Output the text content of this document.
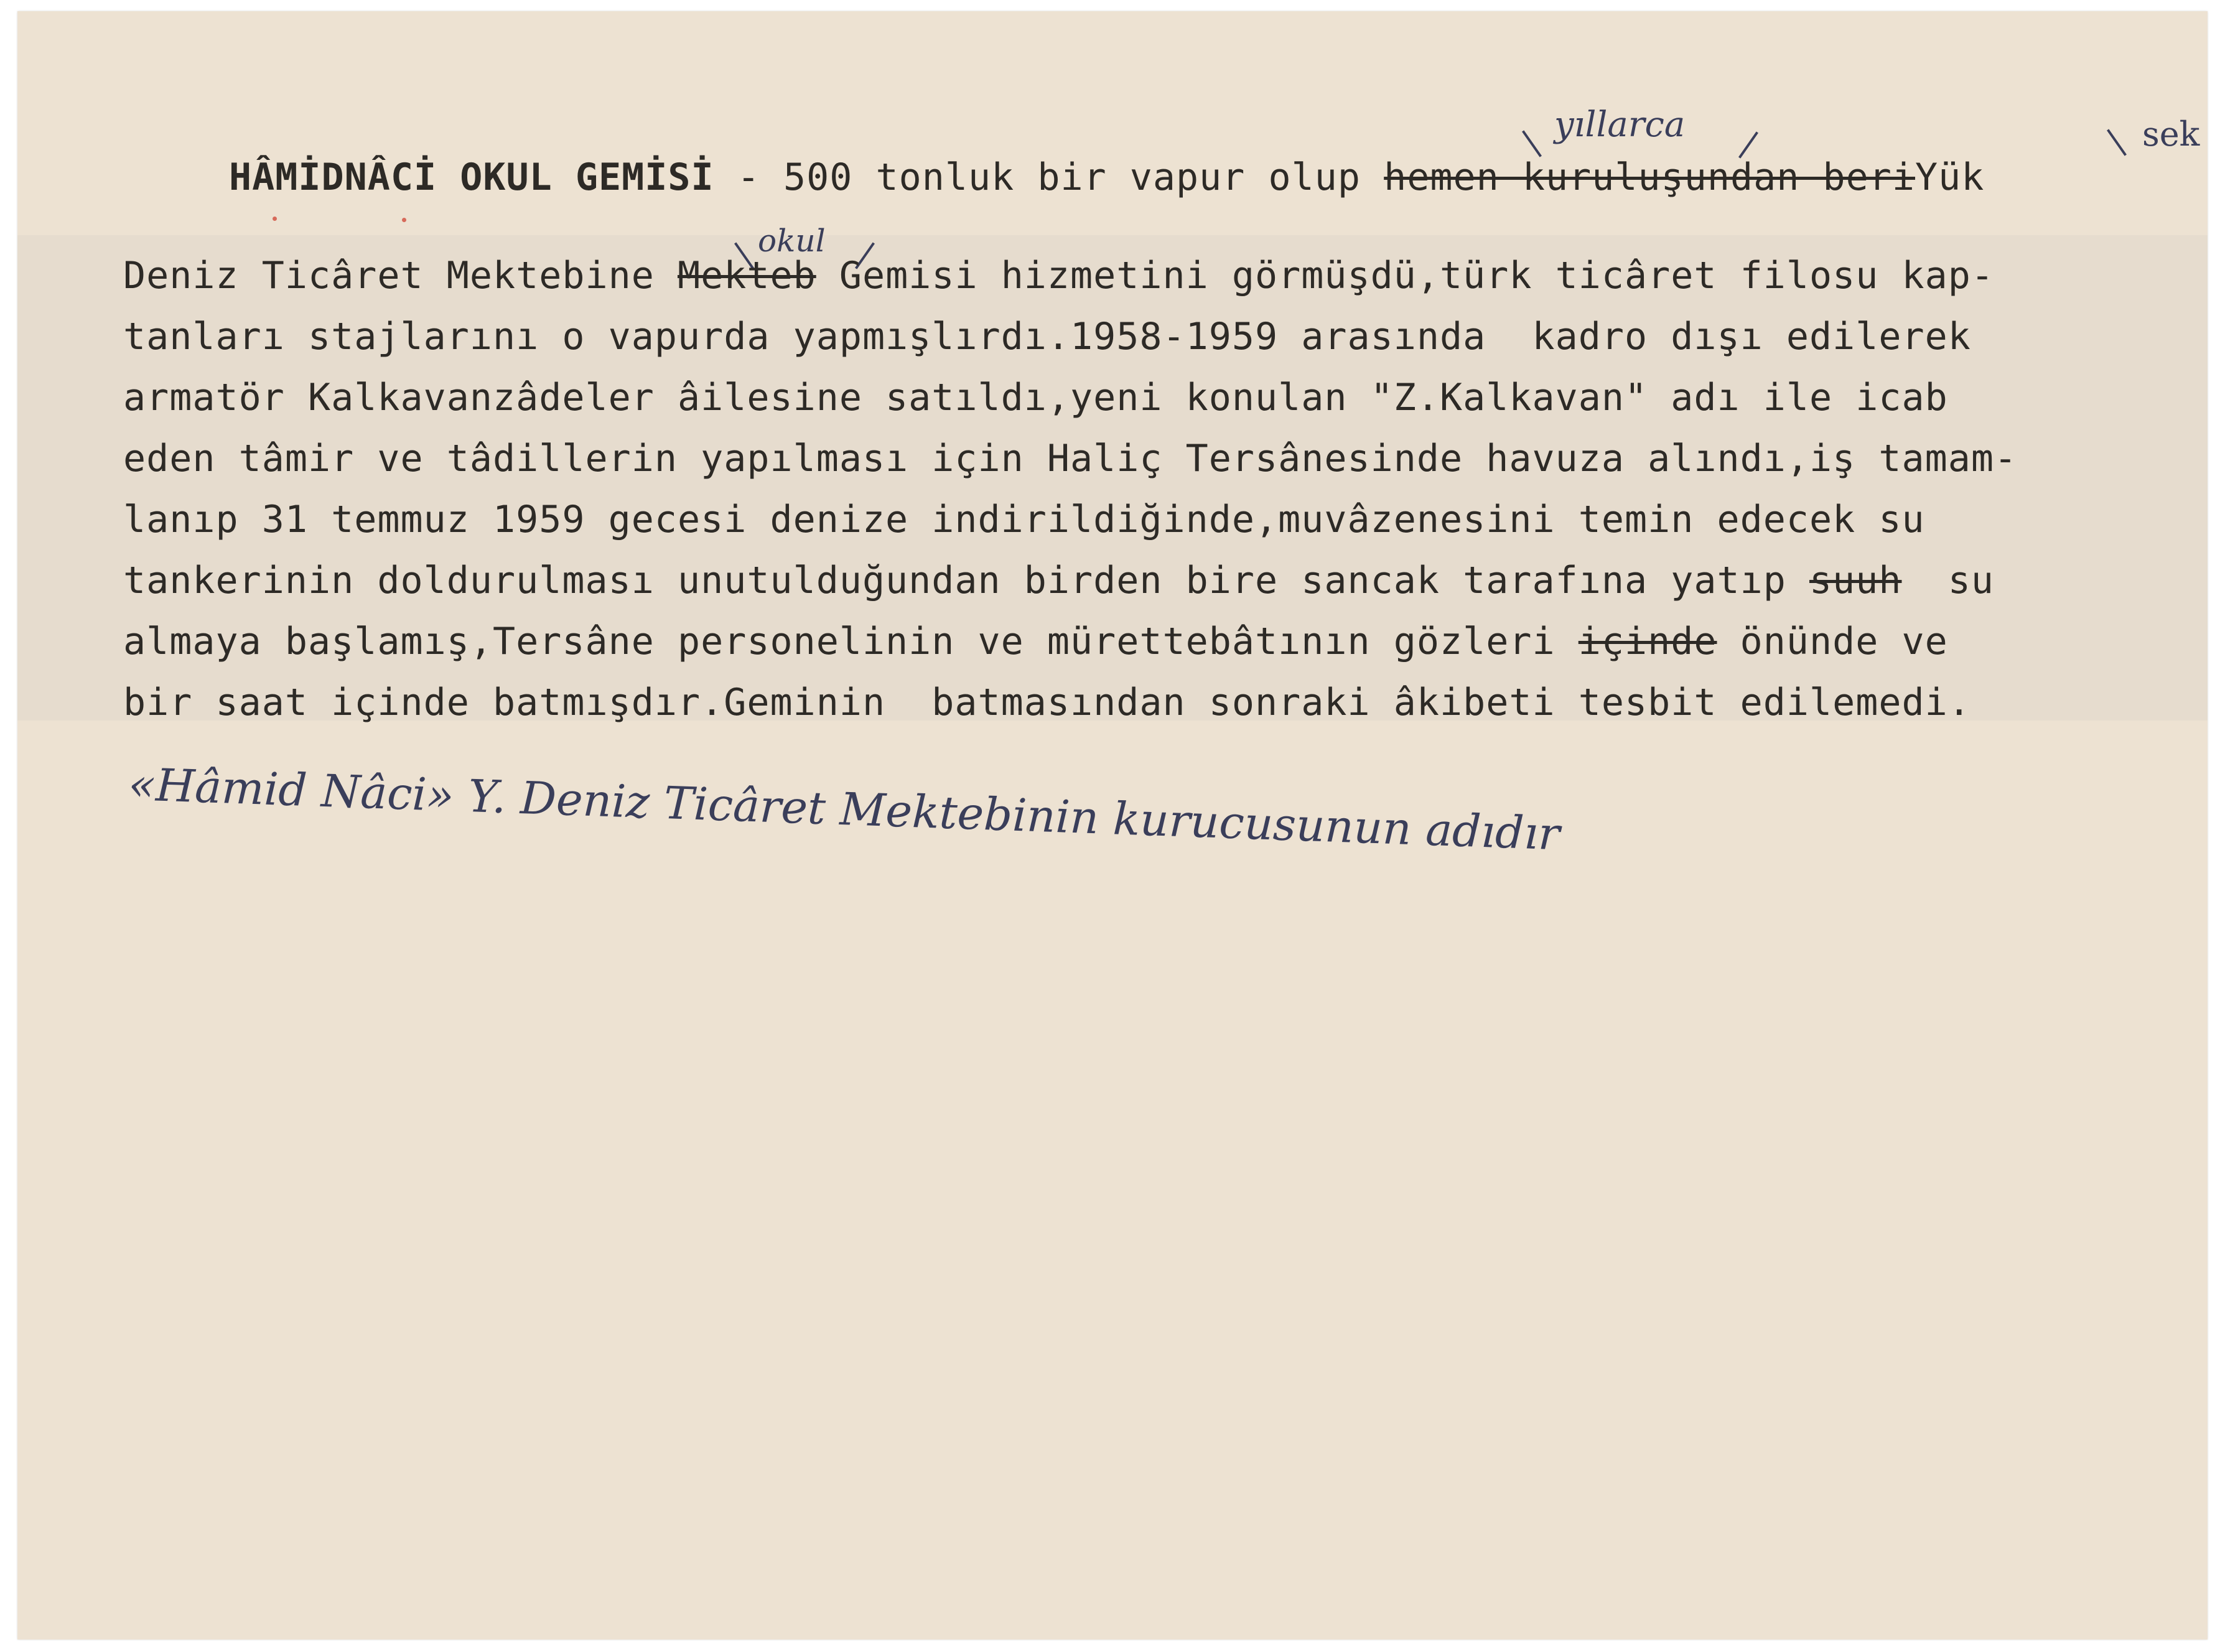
yıllarca	sek
HÂMİDNÂCİ OKUL GEMİSİ - 500 tonluk bir vapur olup hemen kuruluşundan beriYük
okul
Deniz Ticâret Mektebine Mekteb Gemisi hizmetini görmüşdü,türk ticâret filosu kap-
tanları stajlarını o vapurda yapmışlırdı.1958-1959 arasında  kadro dışı edilerek
armatör Kalkavanzâdeler âilesine satıldı,yeni konulan "Z.Kalkavan" adı ile icab
eden tâmir ve tâdillerin yapılması için Haliç Tersânesinde havuza alındı,iş tamam-
lanıp 31 temmuz 1959 gecesi denize indirildiğinde,muvâzenesini temin edecek su
tankerinin doldurulması unutulduğundan birden bire sancak tarafına yatıp suuh  su
almaya başlamış,Tersâne personelinin ve mürettebâtının gözleri içinde önünde ve
bir saat içinde batmışdır.Geminin  batmasından sonraki âkibeti tesbit edilemedi.
«Hâmid Nâci» Y. Deniz Ticâret Mektebinin kurucusunun adıdır
